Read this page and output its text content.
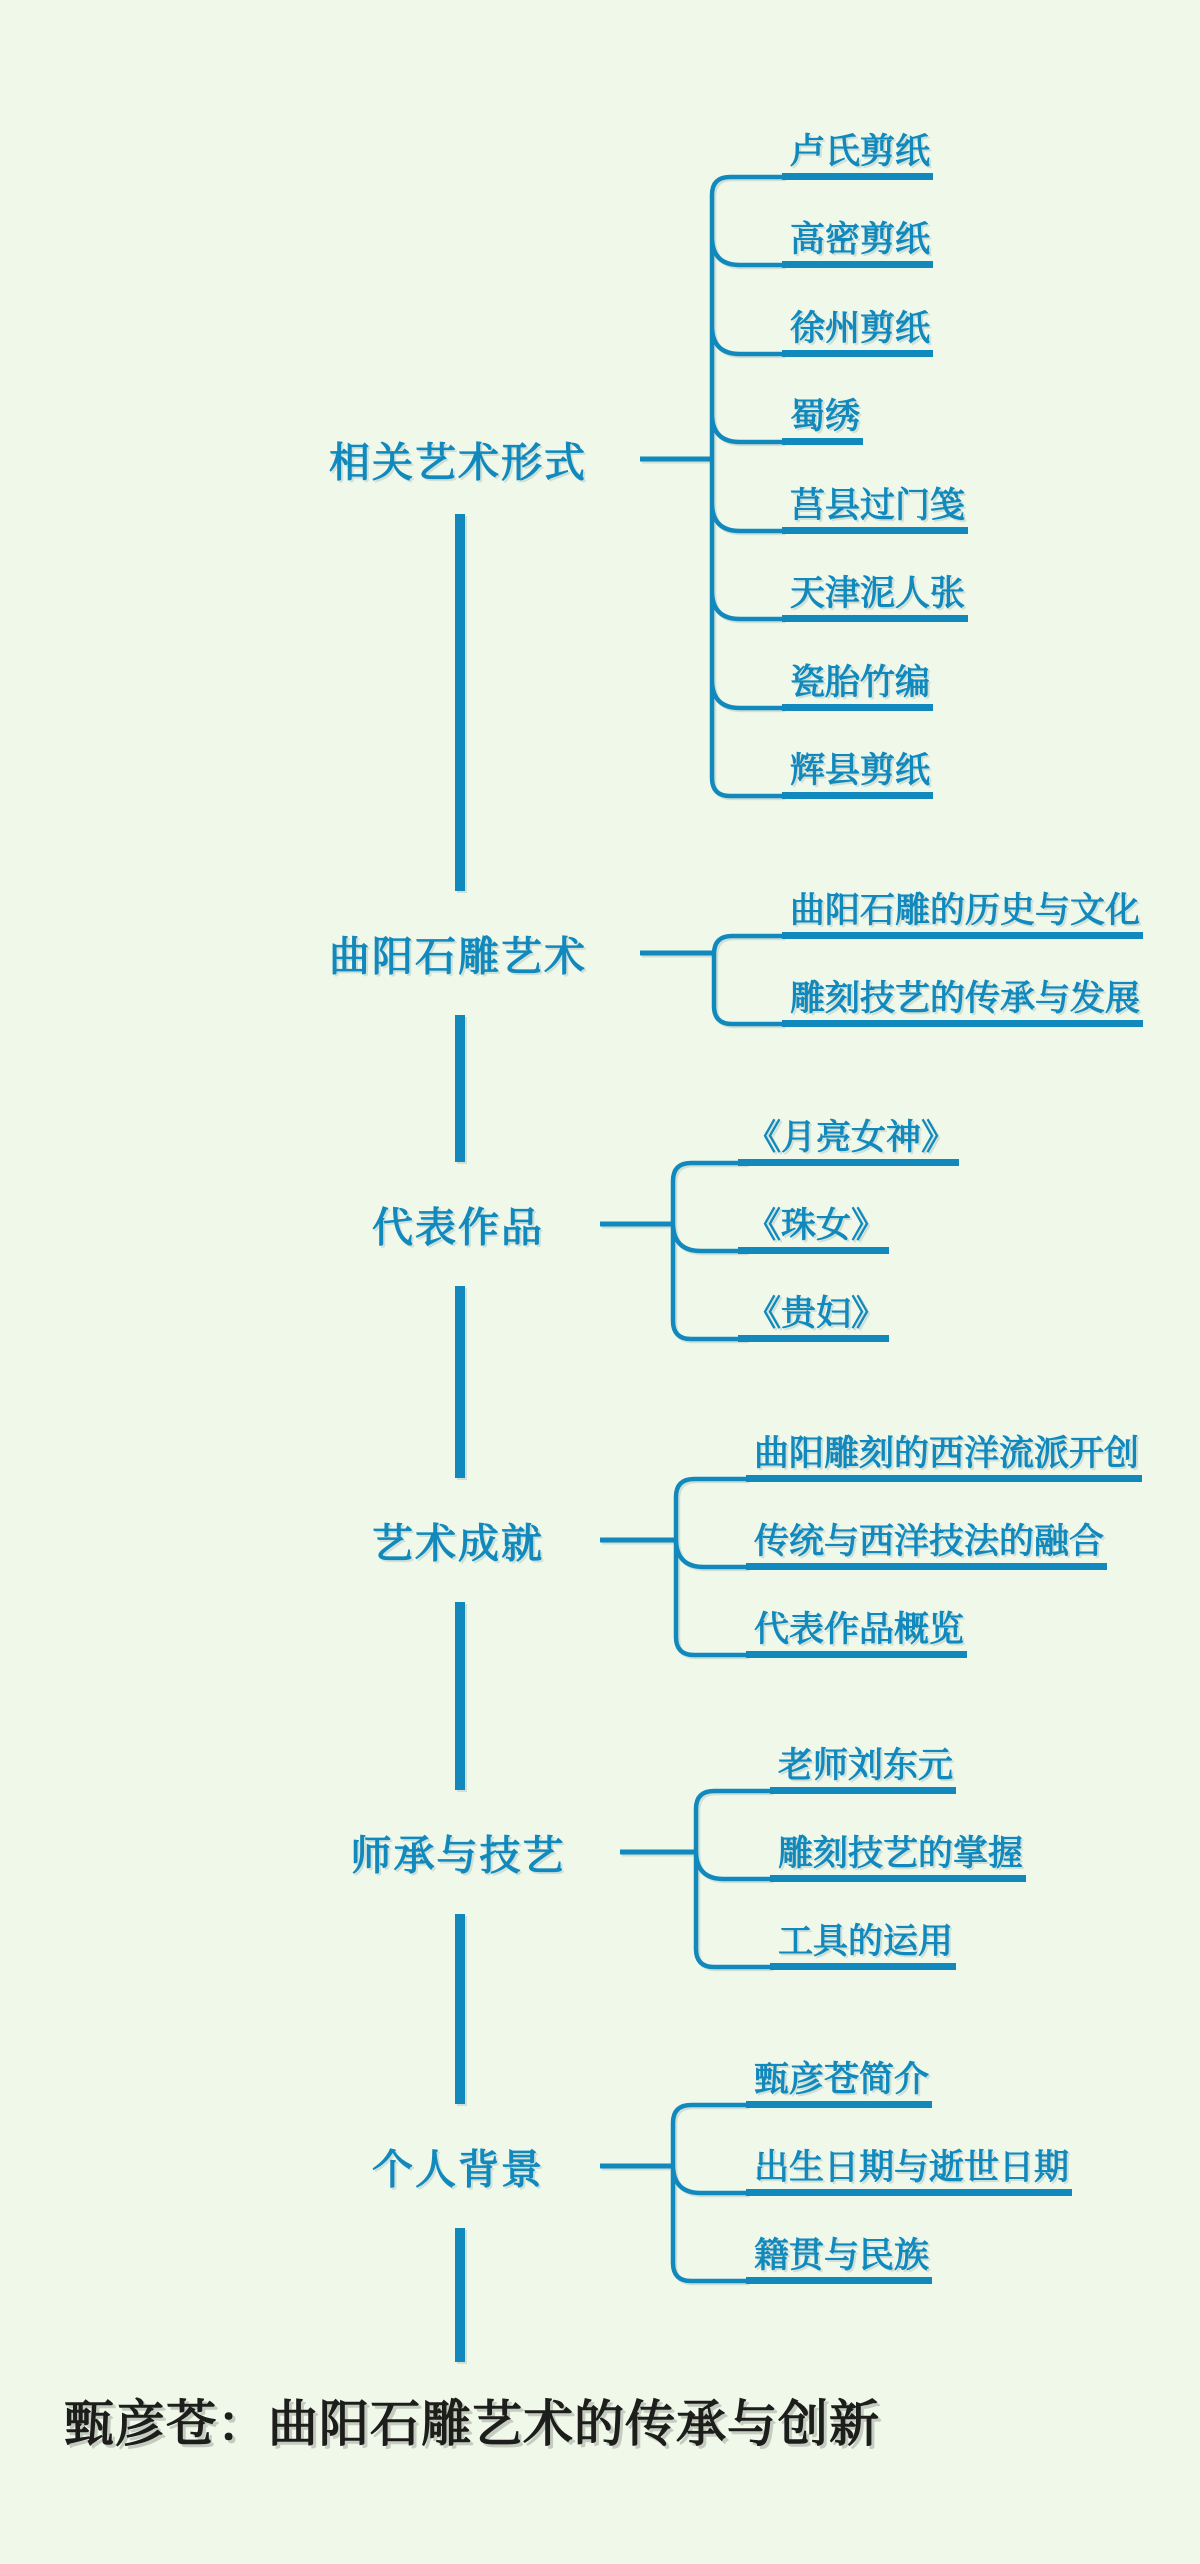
相关艺术形式
曲阳石雕艺术
代表作品
艺术成就
师承与技艺
个人背景
卢氏剪纸
高密剪纸
徐州剪纸
蜀绣
莒县过门笺
天津泥人张
瓷胎竹编
辉县剪纸
曲阳石雕的历史与文化
雕刻技艺的传承与发展
《月亮女神》
《珠女》
《贵妇》
曲阳雕刻的西洋流派开创
传统与西洋技法的融合
代表作品概览
老师刘东元
雕刻技艺的掌握
工具的运用
甄彦苍简介
出生日期与逝世日期
籍贯与民族
甄彦苍：曲阳石雕艺术的传承与创新
